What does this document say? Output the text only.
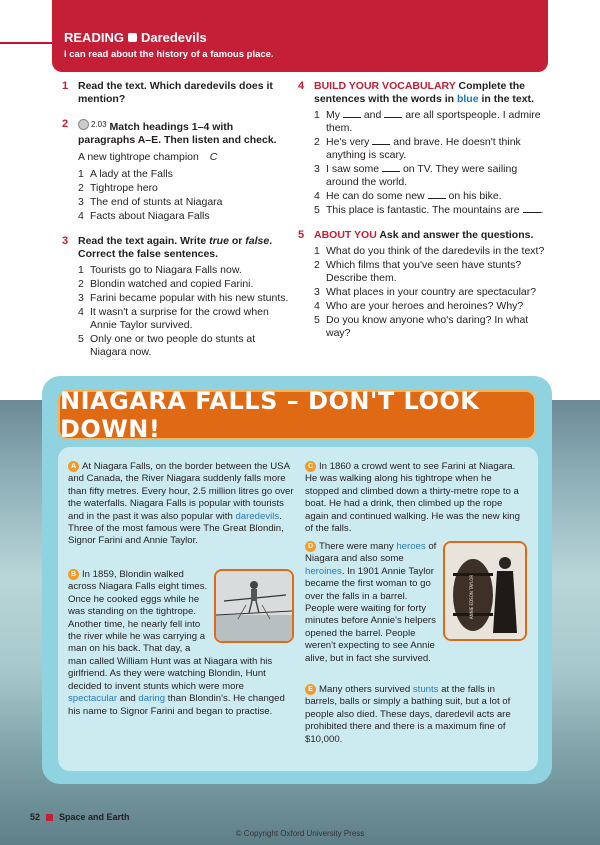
READING Daredevils
I can read about the history of a famous place.
1 Read the text. Which daredevils does it mention?
2	2.03 Match headings 1–4 with paragraphs A–E. Then listen and check.
A new tightrope champion C
1 A lady at the Falls
2 Tightrope hero
3 The end of stunts at Niagara
4 Facts about Niagara Falls
3 Read the text again. Write true or false. Correct the false sentences.
1 Tourists go to Niagara Falls now.
2 Blondin watched and copied Farini.
3 Farini became popular with his new stunts.
4 It wasn't a surprise for the crowd when Annie Taylor survived.
5 Only one or two people do stunts at Niagara now.
4 BUILD YOUR VOCABULARY Complete the sentences with the words in blue in the text.
1 My and are all sportspeople. I admire them.
2 He's very and brave. He doesn't think anything is scary.
3 I saw some on TV. They were sailing around the world.
4 He can do some new on his bike.
5 This place is fantastic. The mountains are .
5 ABOUT YOU Ask and answer the questions.
1 What do you think of the daredevils in the text?
2 Which films that you've seen have stunts? Describe them.
3 What places in your country are spectacular?
4 Who are your heroes and heroines? Why?
5 Do you know anyone who's daring? In what way?
NIAGARA FALLS – DON'T LOOK DOWN!
A At Niagara Falls, on the border between the USA and Canada, the River Niagara suddenly falls more than fifty metres. Every hour, 2.5 million litres go over the waterfalls. Niagara Falls is popular with tourists and in the past it was also popular with daredevils. Three of the most famous were The Great Blondin, Signor Farini and Annie Taylor.
B In 1859, Blondin walked across Niagara Falls eight times. Once he cooked eggs while he was standing on the tightrope. Another time, he nearly fell into the river while he was carrying a man on his back. That day, a man called William Hunt was at Niagara with his girlfriend. As they were watching Blondin, Hunt decided to invent stunts which were more spectacular and daring than Blondin's. He changed his name to Signor Farini and began to practise.
C In 1860 a crowd went to see Farini at Niagara. He was walking along his tightrope when he stopped and climbed down a thirty-metre rope to a boat. He had a drink, then climbed up the rope again and continued walking. He was the new king of the falls.
ANNIE EDSON TAYLOR
D There were many heroes of Niagara and also some heroines. In 1901 Annie Taylor became the first woman to go over the falls in a barrel. People were waiting for forty minutes before Annie's helpers opened the barrel. People weren't expecting to see Annie alive, but in fact she survived.
E Many others survived stunts at the falls in barrels, balls or simply a bathing suit, but a lot of people also died. These days, daredevil acts are prohibited there and there is a maximum fine of $10,000.
52 Space and Earth
© Copyright Oxford University Press
